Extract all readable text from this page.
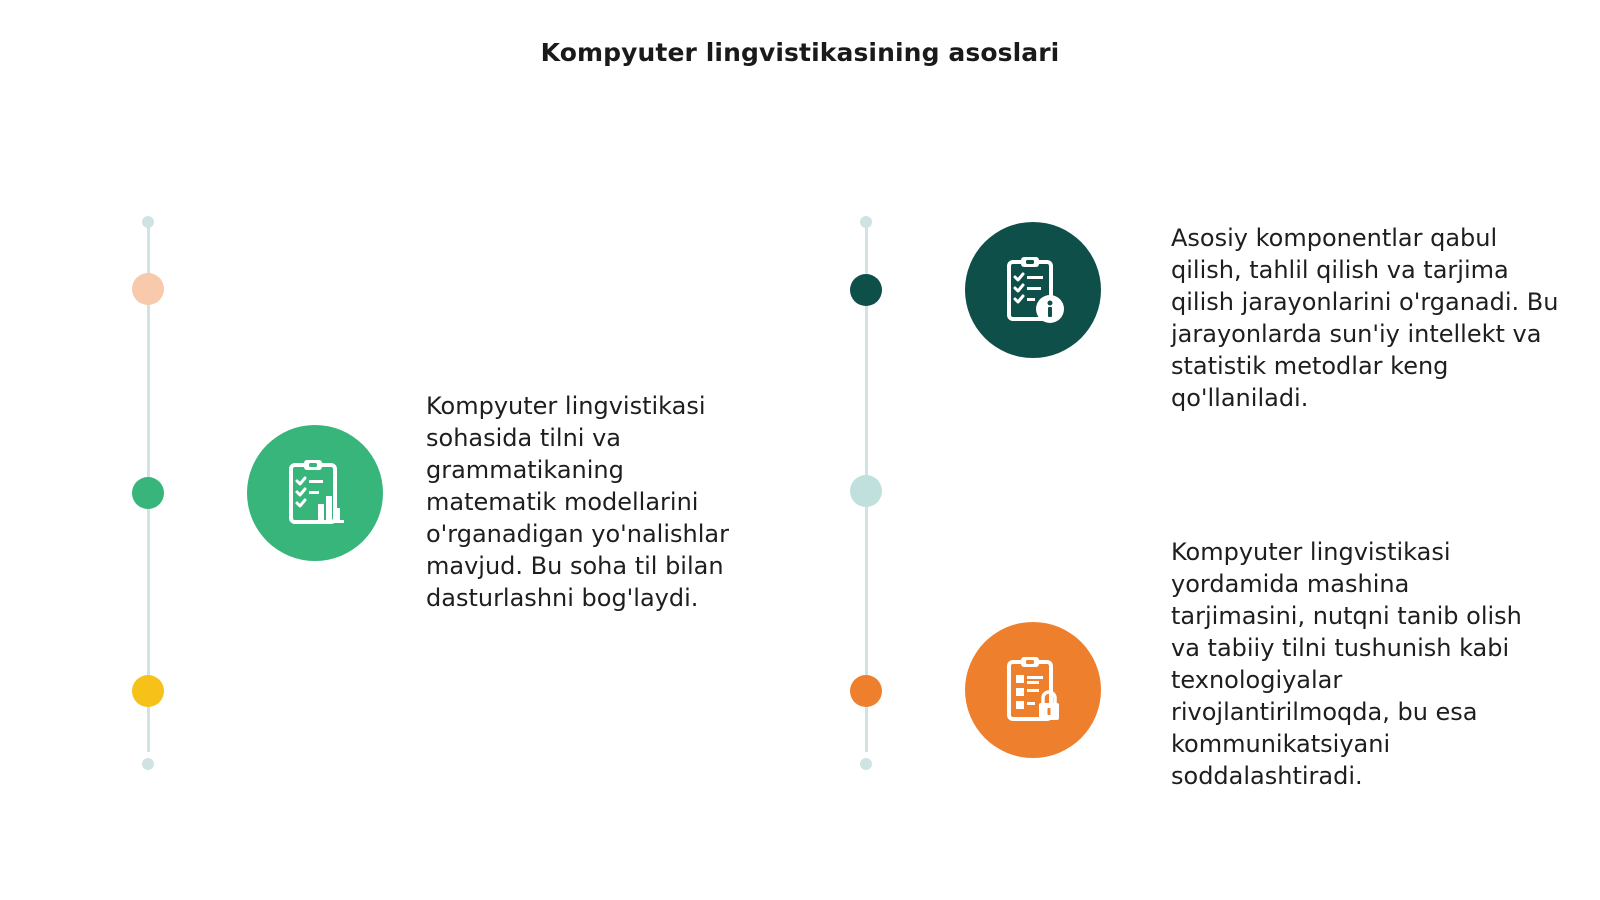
Kompyuter lingvistikasining asoslari
Kompyuter lingvistikasi sohasida tilni va grammatikaning matematik modellarini o'rganadigan yo'nalishlar mavjud. Bu soha til bilan dasturlashni bog'laydi.
Asosiy komponentlar qabul qilish, tahlil qilish va tarjima qilish jarayonlarini o'rganadi. Bu jarayonlarda sun'iy intellekt va statistik metodlar keng qo'llaniladi.
Kompyuter lingvistikasi yordamida mashina tarjimasini, nutqni tanib olish va tabiiy tilni tushunish kabi texnologiyalar rivojlantirilmoqda, bu esa kommunikatsiyani soddalashtiradi.
